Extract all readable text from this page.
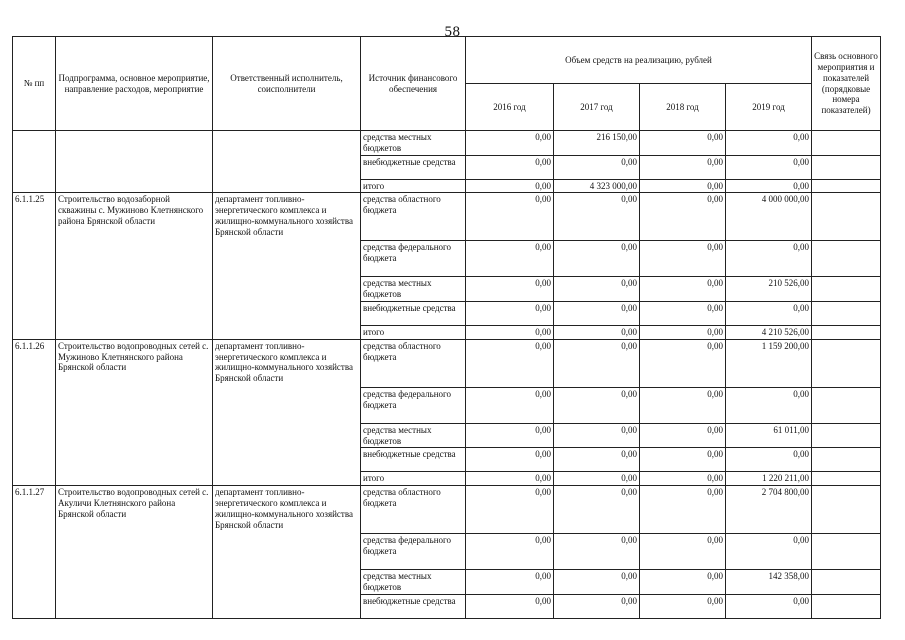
58
№ пп	Подпрограмма, основное мероприятие, направление расходов, мероприятие	Ответственный исполнитель, соисполнители	Источник финансового обеспечения	Объем средств на реализацию, рублей				Связь основного мероприятия и показателей (порядковые номера показателей)
				2016 год	2017 год	2018 год	2019 год	
			средства местных бюджетов	0,00	216 150,00	0,00	0,00	
			внебюджетные средства	0,00	0,00	0,00	0,00	
			итого	0,00	4 323 000,00	0,00	0,00	
6.1.1.25	Строительство водозаборной скважины с. Мужиново Клетнянского района Брянской области	департамент топливно-энергетического комплекса и жилищно-коммунального хозяйства Брянской области	средства областного бюджета	0,00	0,00	0,00	4 000 000,00	
			средства федерального бюджета	0,00	0,00	0,00	0,00	
			средства местных бюджетов	0,00	0,00	0,00	210 526,00	
			внебюджетные средства	0,00	0,00	0,00	0,00	
			итого	0,00	0,00	0,00	4 210 526,00	
6.1.1.26	Строительство водопроводных сетей с. Мужиново Клетнянского района Брянской области	департамент топливно-энергетического комплекса и жилищно-коммунального хозяйства Брянской области	средства областного бюджета	0,00	0,00	0,00	1 159 200,00	
			средства федерального бюджета	0,00	0,00	0,00	0,00	
			средства местных бюджетов	0,00	0,00	0,00	61 011,00	
			внебюджетные средства	0,00	0,00	0,00	0,00	
			итого	0,00	0,00	0,00	1 220 211,00	
6.1.1.27	Строительство водопроводных сетей с. Акуличи Клетнянского района Брянской области	департамент топливно-энергетического комплекса и жилищно-коммунального хозяйства Брянской области	средства областного бюджета	0,00	0,00	0,00	2 704 800,00	
			средства федерального бюджета	0,00	0,00	0,00	0,00	
			средства местных бюджетов	0,00	0,00	0,00	142 358,00	
			внебюджетные средства	0,00	0,00	0,00	0,00	
